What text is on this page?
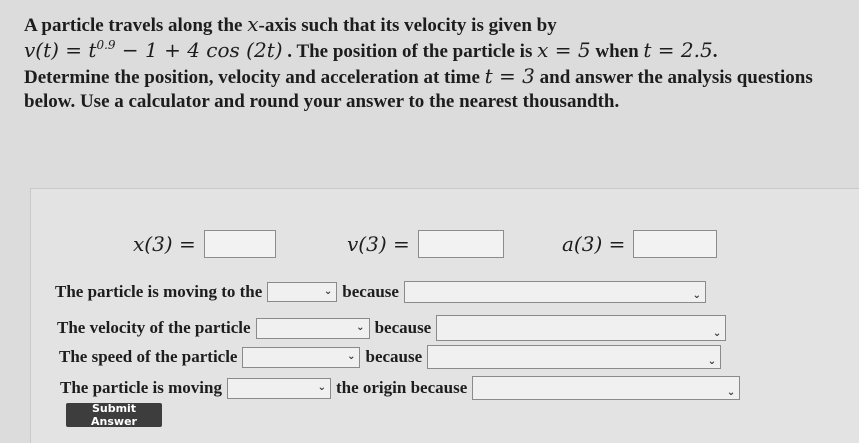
A particle travels along the x-axis such that its velocity is given by
$v(t) = t^{0.9} - 1 + 4$ cos (2t) . The position of the particle is x = 5 when t = 2.5.
Determine the position, velocity and acceleration at time t = 3 and answer the analysis questions below. Use a calculator and round your answer to the nearest thousandth.
x(3) =	v(3) =	a(3) =
The particle is moving to the	⌄ because	⌄
The velocity of the particle	⌄ because	⌄
The speed of the particle	⌄ because	⌄
The particle is moving	⌄ the origin because	⌄
Submit Answer
